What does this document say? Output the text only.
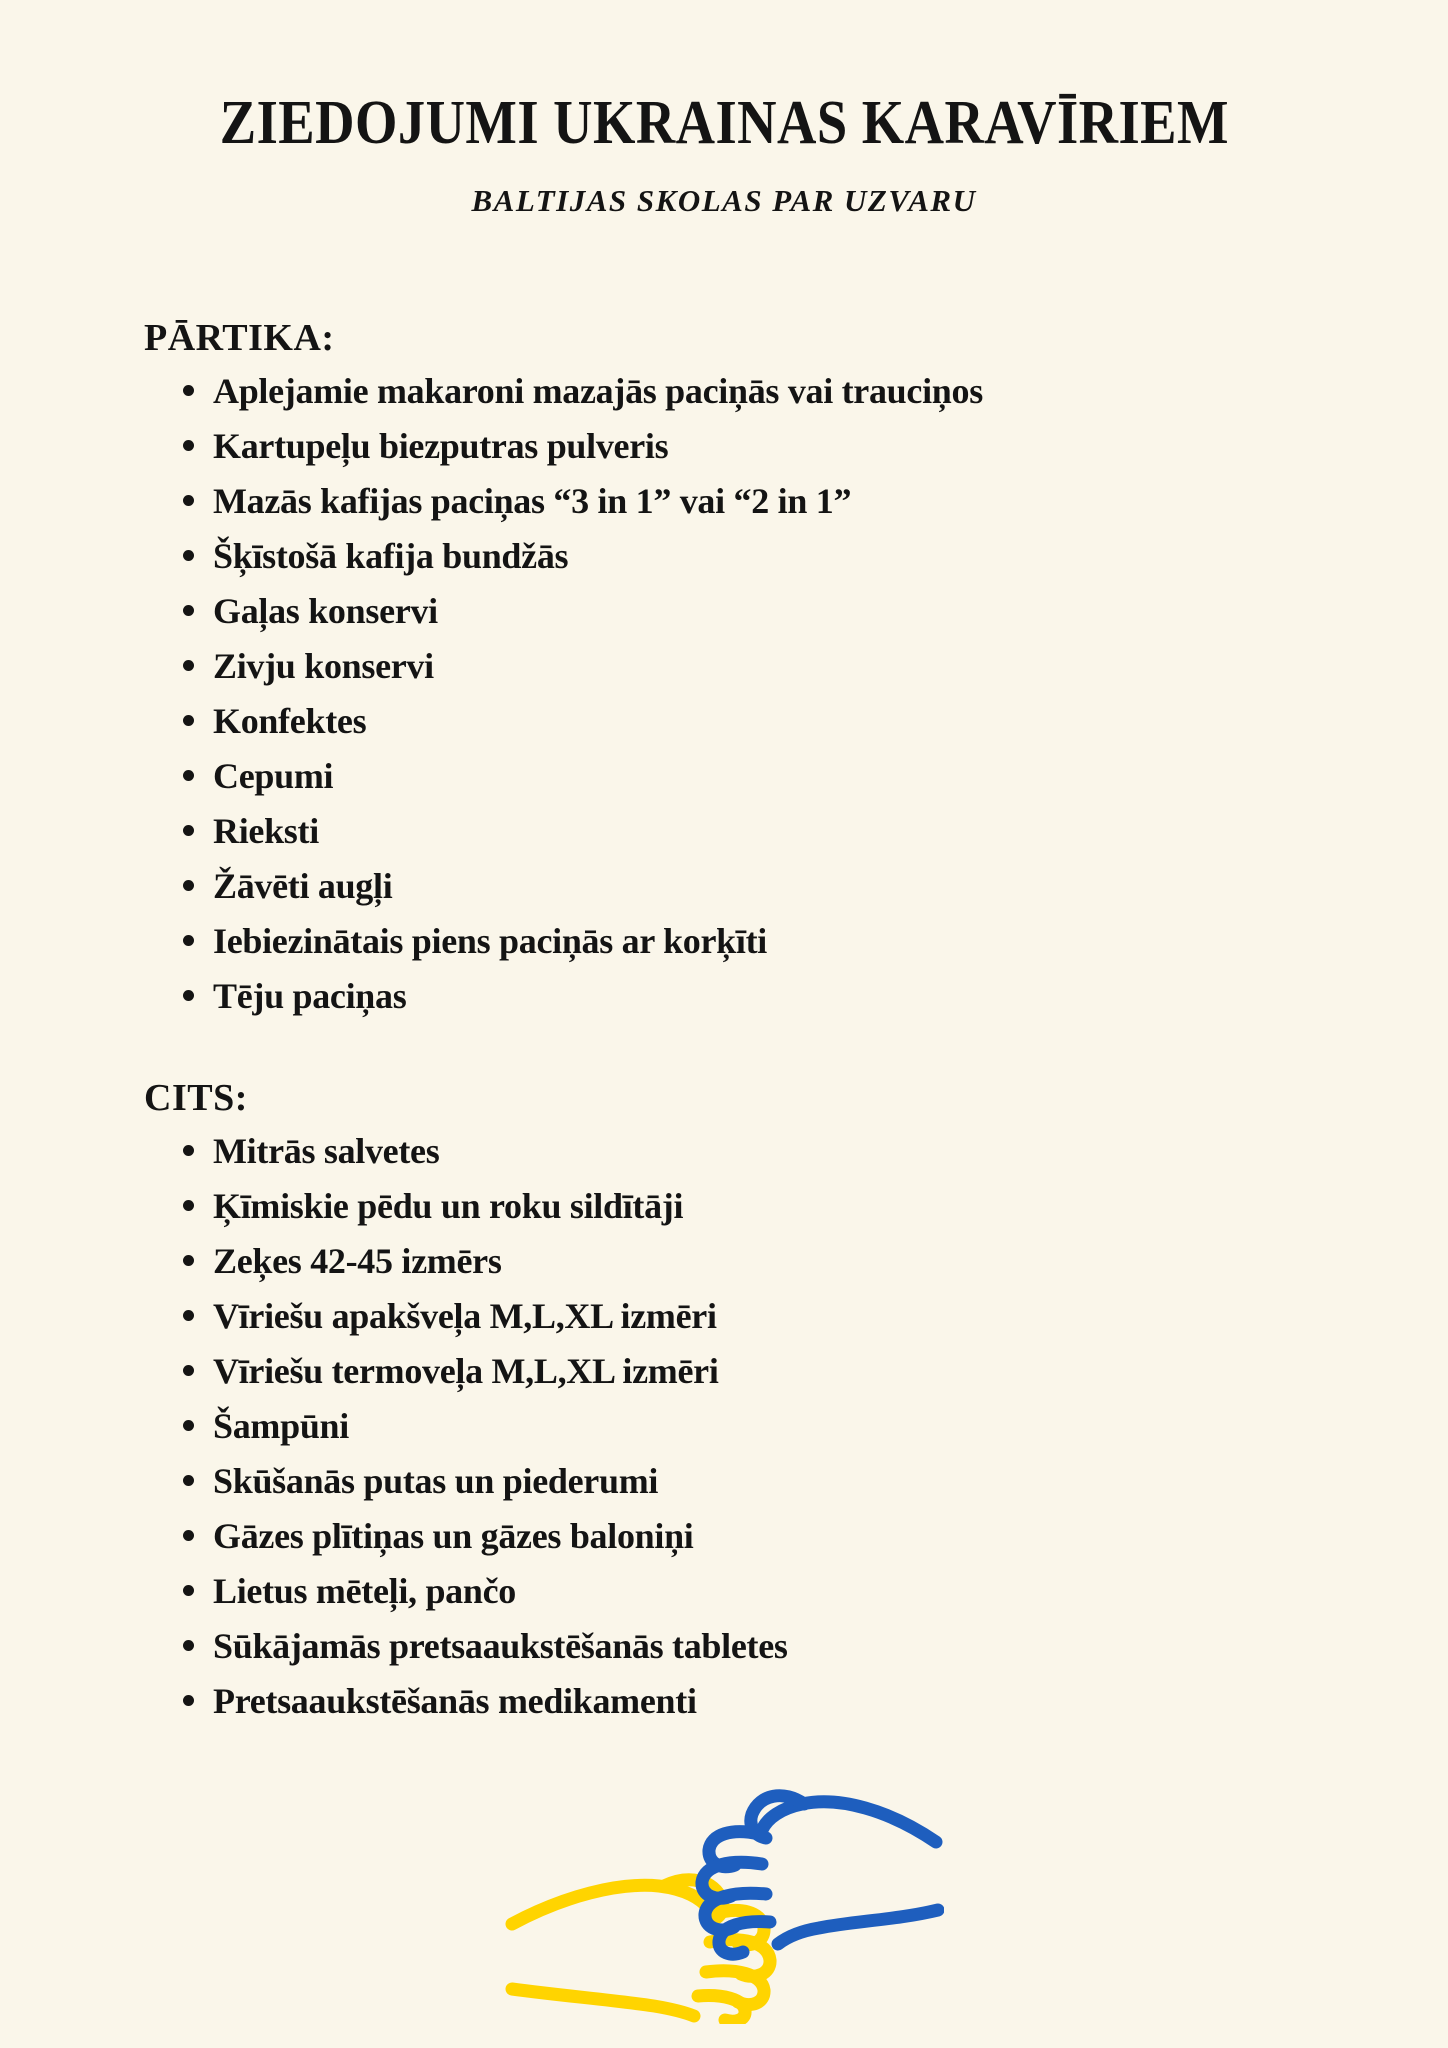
ZIEDOJUMI UKRAINAS KARAVĪRIEM
BALTIJAS SKOLAS PAR UZVARU
PĀRTIKA:
Aplejamie makaroni mazajās paciņās vai trauciņos
Kartupeļu biezputras pulveris
Mazās kafijas paciņas “3 in 1” vai “2 in 1”
Šķīstošā kafija bundžās
Gaļas konservi
Zivju konservi
Konfektes
Cepumi
Rieksti
Žāvēti augļi
Iebiezinātais piens paciņās ar korķīti
Tēju paciņas
CITS:
Mitrās salvetes
Ķīmiskie pēdu un roku sildītāji
Zeķes 42-45 izmērs
Vīriešu apakšveļa M,L,XL izmēri
Vīriešu termoveļa M,L,XL izmēri
Šampūni
Skūšanās putas un piederumi
Gāzes plītiņas un gāzes baloniņi
Lietus mēteļi, pančo
Sūkājamās pretsaaukstēšanās tabletes
Pretsaaukstēšanās medikamenti
